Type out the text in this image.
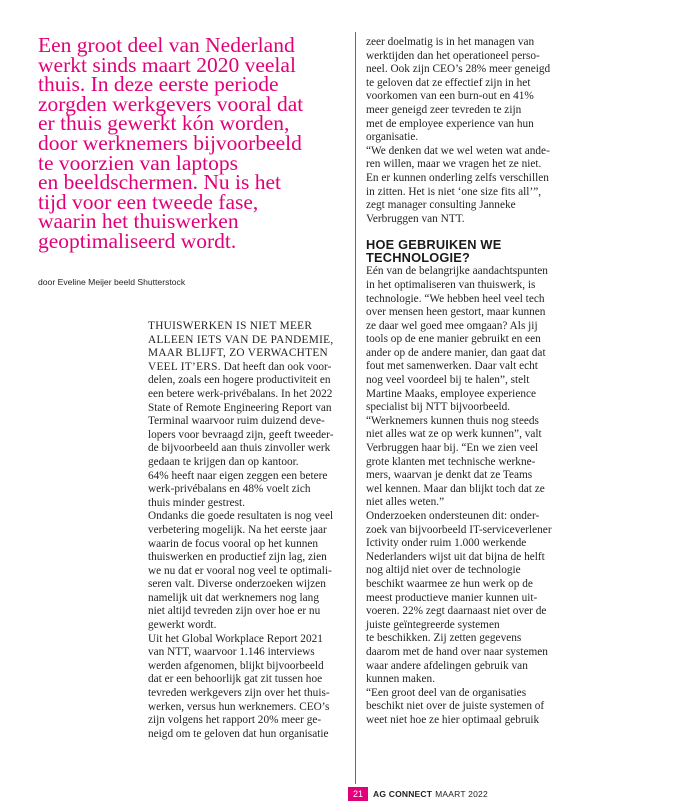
Een groot deel van Nederland
werkt sinds maart 2020 veelal
thuis. In deze eerste periode
zorgden werkgevers vooral dat
er thuis gewerkt kón worden,
door werknemers bijvoorbeeld
te voorzien van laptops
en beeldschermen. Nu is het
tijd voor een tweede fase,
waarin het thuiswerken
geoptimaliseerd wordt.

door Eveline Meijer beeld Shutterstock

THUISWERKEN IS NIET MEER
ALLEEN IETS VAN DE PANDEMIE,
MAAR BLIJFT, ZO VERWACHTEN
VEEL IT’ERS. Dat heeft dan ook voor-
delen, zoals een hogere productiviteit en
een betere werk-privébalans. In het 2022
State of Remote Engineering Report van
Terminal waarvoor ruim duizend deve-
lopers voor bevraagd zijn, geeft tweeder-
de bijvoorbeeld aan thuis zinvoller werk
gedaan te krijgen dan op kantoor.

64% heeft naar eigen zeggen een betere
werk-privébalans en 48% voelt zich
thuis minder gestrest.

Ondanks die goede resultaten is nog veel
verbetering mogelijk. Na het eerste jaar
waarin de focus vooral op het kunnen
thuiswerken en productief zijn lag, zien
we nu dat er vooral nog veel te optimali-
seren valt. Diverse onderzoeken wijzen
namelijk uit dat werknemers nog lang
niet altijd tevreden zijn over hoe er nu
gewerkt wordt.

Uit het Global Workplace Report 2021
van NTT, waarvoor 1.146 interviews
werden afgenomen, blijkt bijvoorbeeld
dat er een behoorlijk gat zit tussen hoe
tevreden werkgevers zijn over het thuis-
werken, versus hun werknemers. CEO’s
zijn volgens het rapport 20% meer ge-
neigd om te geloven dat hun organisatie

zeer doelmatig is in het managen van
werktijden dan het operationeel perso-
neel. Ook zijn CEO’s 28% meer geneigd
te geloven dat ze effectief zijn in het
voorkomen van een burn-out en 41%
meer geneigd zeer tevreden te zijn
met de employee experience van hun
organisatie.

“We denken dat we wel weten wat ande-
ren willen, maar we vragen het ze niet.
En er kunnen onderling zelfs verschillen
in zitten. Het is niet ‘one size fits all’”,
zegt manager consulting Janneke
Verbruggen van NTT.

HOE GEBRUIKEN WE
TECHNOLOGIE?

Eén van de belangrijke aandachtspunten
in het optimaliseren van thuiswerk, is
technologie. “We hebben heel veel tech
over mensen heen gestort, maar kunnen
ze daar wel goed mee omgaan? Als jij
tools op de ene manier gebruikt en een
ander op de andere manier, dan gaat dat
fout met samenwerken. Daar valt echt
nog veel voordeel bij te halen”, stelt
Martine Maaks, employee experience
specialist bij NTT bijvoorbeeld.

“Werknemers kunnen thuis nog steeds
niet alles wat ze op werk kunnen”, valt
Verbruggen haar bij. “En we zien veel
grote klanten met technische werkne-
mers, waarvan je denkt dat ze Teams
wel kennen. Maar dan blijkt toch dat ze
niet alles weten.”

Onderzoeken ondersteunen dit: onder-
zoek van bijvoorbeeld IT-serviceverlener
Ictivity onder ruim 1.000 werkende
Nederlanders wijst uit dat bijna de helft
nog altijd niet over de technologie
beschikt waarmee ze hun werk op de
meest productieve manier kunnen uit-
voeren. 22% zegt daarnaast niet over de
juiste geïntegreerde systemen
te beschikken. Zij zetten gegevens
daarom met de hand over naar systemen
waar andere afdelingen gebruik van
kunnen maken.

“Een groot deel van de organisaties
beschikt niet over de juiste systemen of
weet niet hoe ze hier optimaal gebruik

21	AG CONNECT MAART 2022
